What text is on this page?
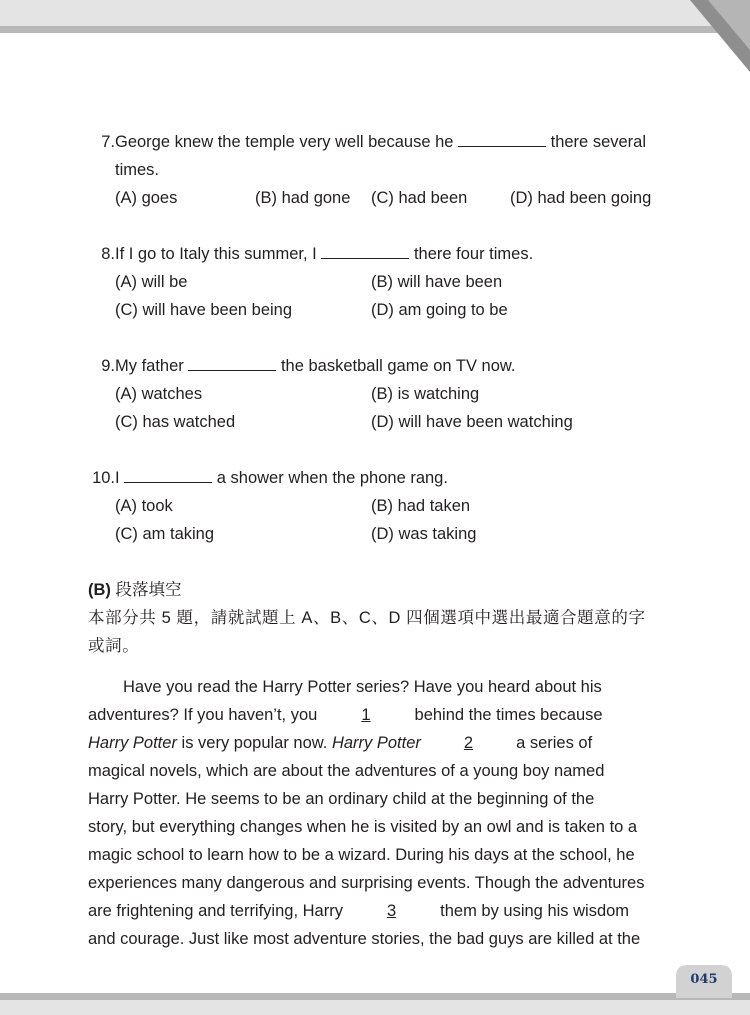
7. George knew the temple very well because he	there several
times.
(A) goes	(B) had gone (C) had been	(D) had been going
8. If I go to Italy this summer, I	there four times.
(A) will be	(B) will have been
(C) will have been being	(D) am going to be
9. My father	the basketball game on TV now.
(A) watches	(B) is watching
(C) has watched	(D) will have been watching
10. I	a shower when the phone rang.
(A) took	(B) had taken
(C) am taking	(D) was taking
(B) 段落填空
本部分共 5 題，請就試題上 A、B、C、D 四個選項中選出最適合題意的字
或詞。
Have you read the Harry Potter series? Have you heard about his
adventures? If you haven’t, you	1	behind the times because
Harry Potter is very popular now. Harry Potter	2	a series of
magical novels, which are about the adventures of a young boy named
Harry Potter. He seems to be an ordinary child at the beginning of the
story, but everything changes when he is visited by an owl and is taken to a
magic school to learn how to be a wizard. During his days at the school, he
experiences many dangerous and surprising events. Though the adventures
are frightening and terrifying, Harry	3	them by using his wisdom
and courage. Just like most adventure stories, the bad guys are killed at the
045
